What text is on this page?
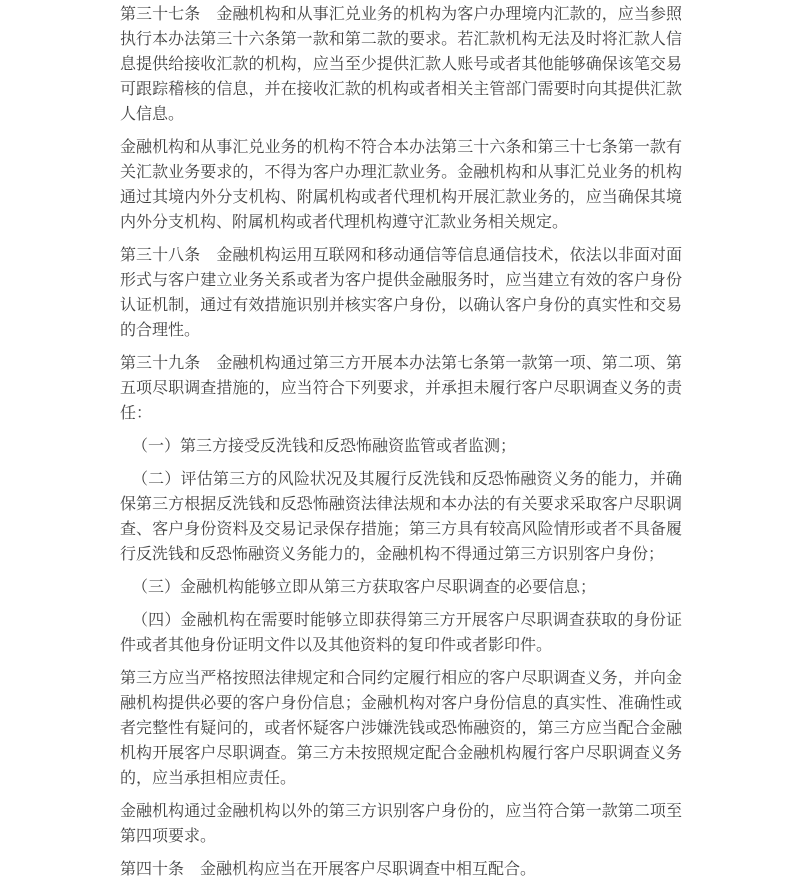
第三十七条　金融机构和从事汇兑业务的机构为客户办理境内汇款的，应当参照执行本办法第三十六条第一款和第二款的要求。若汇款机构无法及时将汇款人信息提供给接收汇款的机构，应当至少提供汇款人账号或者其他能够确保该笔交易可跟踪稽核的信息，并在接收汇款的机构或者相关主管部门需要时向其提供汇款人信息。

金融机构和从事汇兑业务的机构不符合本办法第三十六条和第三十七条第一款有关汇款业务要求的，不得为客户办理汇款业务。金融机构和从事汇兑业务的机构通过其境内外分支机构、附属机构或者代理机构开展汇款业务的，应当确保其境内外分支机构、附属机构或者代理机构遵守汇款业务相关规定。

第三十八条　金融机构运用互联网和移动通信等信息通信技术，依法以非面对面形式与客户建立业务关系或者为客户提供金融服务时，应当建立有效的客户身份认证机制，通过有效措施识别并核实客户身份，以确认客户身份的真实性和交易的合理性。

第三十九条　金融机构通过第三方开展本办法第七条第一款第一项、第二项、第五项尽职调查措施的，应当符合下列要求，并承担未履行客户尽职调查义务的责任：

（一）第三方接受反洗钱和反恐怖融资监管或者监测；

（二）评估第三方的风险状况及其履行反洗钱和反恐怖融资义务的能力，并确保第三方根据反洗钱和反恐怖融资法律法规和本办法的有关要求采取客户尽职调查、客户身份资料及交易记录保存措施；第三方具有较高风险情形或者不具备履行反洗钱和反恐怖融资义务能力的，金融机构不得通过第三方识别客户身份；

（三）金融机构能够立即从第三方获取客户尽职调查的必要信息；

（四）金融机构在需要时能够立即获得第三方开展客户尽职调查获取的身份证件或者其他身份证明文件以及其他资料的复印件或者影印件。

第三方应当严格按照法律规定和合同约定履行相应的客户尽职调查义务，并向金融机构提供必要的客户身份信息；金融机构对客户身份信息的真实性、准确性或者完整性有疑问的，或者怀疑客户涉嫌洗钱或恐怖融资的，第三方应当配合金融机构开展客户尽职调查。第三方未按照规定配合金融机构履行客户尽职调查义务的，应当承担相应责任。

金融机构通过金融机构以外的第三方识别客户身份的，应当符合第一款第二项至第四项要求。

第四十条　金融机构应当在开展客户尽职调查中相互配合。
